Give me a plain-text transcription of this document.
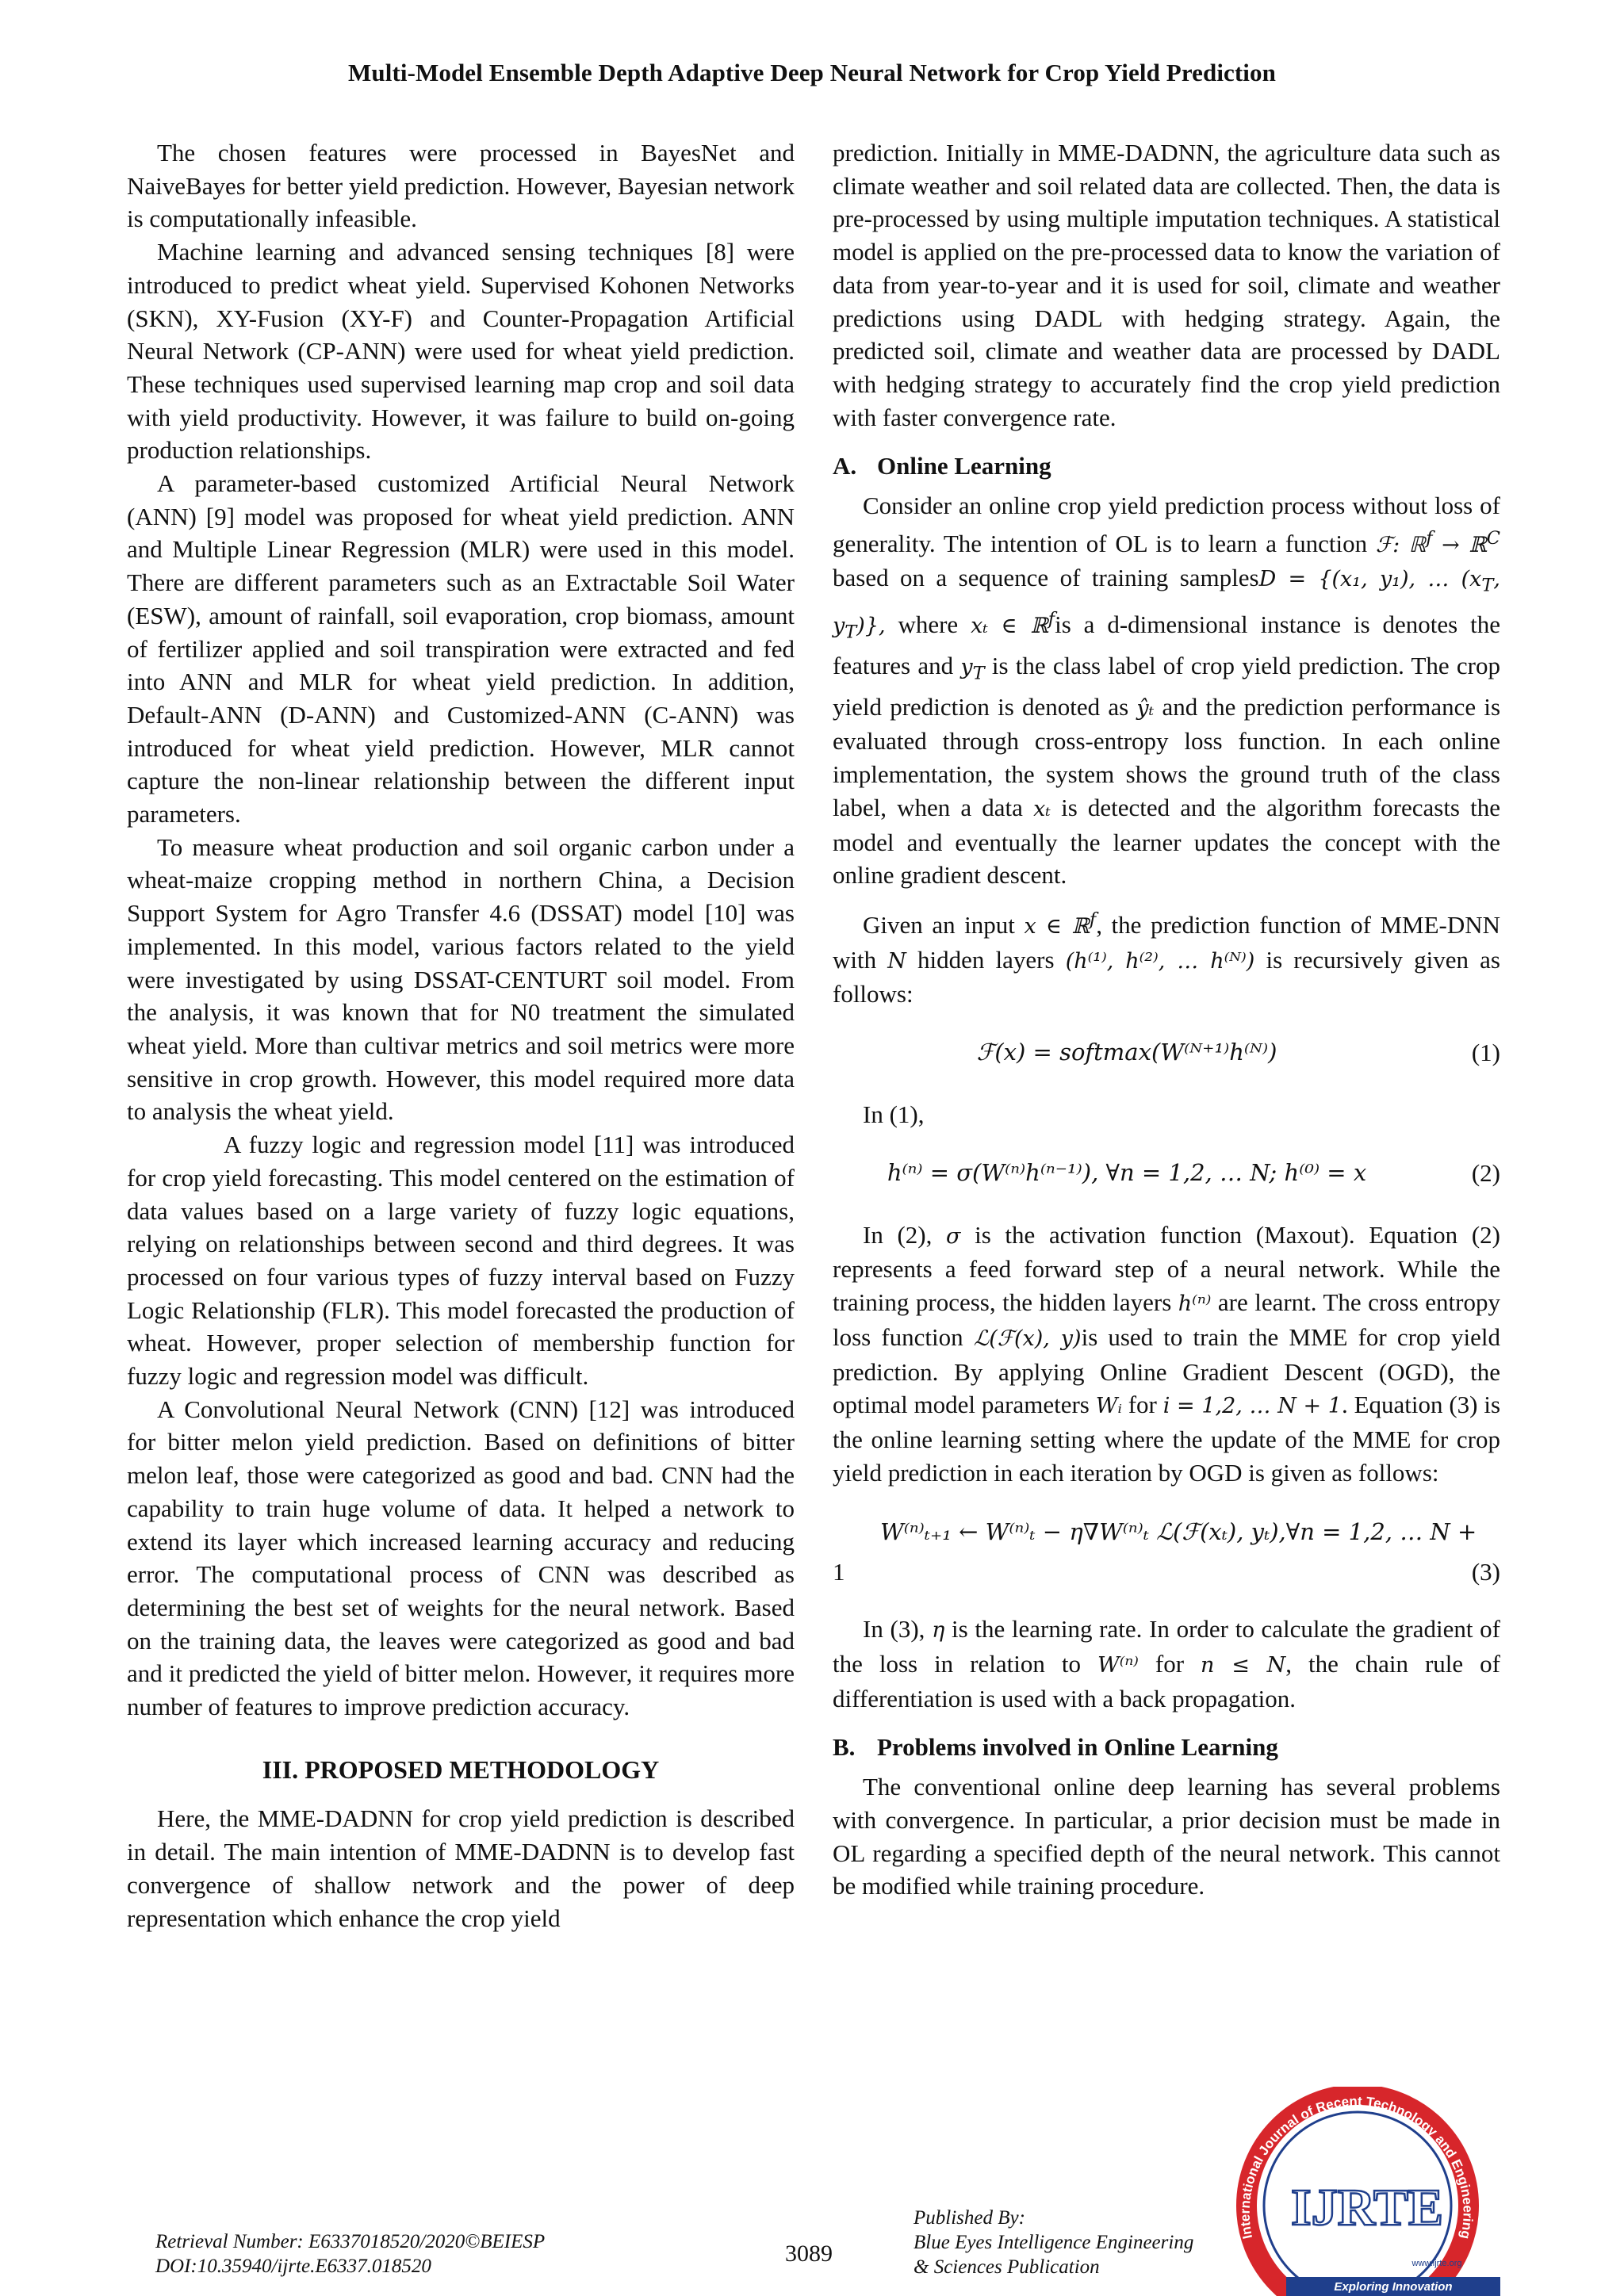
Multi-Model Ensemble Depth Adaptive Deep Neural Network for Crop Yield Prediction

The chosen features were processed in BayesNet and NaiveBayes for better yield prediction. However, Bayesian network is computationally infeasible.

Machine learning and advanced sensing techniques [8] were introduced to predict wheat yield. Supervised Kohonen Networks (SKN), XY-Fusion (XY-F) and Counter-Propagation Artificial Neural Network (CP-ANN) were used for wheat yield prediction. These techniques used supervised learning map crop and soil data with yield productivity. However, it was failure to build on-going production relationships.

A parameter-based customized Artificial Neural Network (ANN) [9] model was proposed for wheat yield prediction. ANN and Multiple Linear Regression (MLR) were used in this model. There are different parameters such as an Extractable Soil Water (ESW), amount of rainfall, soil evaporation, crop biomass, amount of fertilizer applied and soil transpiration were extracted and fed into ANN and MLR for wheat yield prediction. In addition, Default-ANN (D-ANN) and Customized-ANN (C-ANN) was introduced for wheat yield prediction. However, MLR cannot capture the non-linear relationship between the different input parameters.

To measure wheat production and soil organic carbon under a wheat-maize cropping method in northern China, a Decision Support System for Agro Transfer 4.6 (DSSAT) model [10] was implemented. In this model, various factors related to the yield were investigated by using DSSAT-CENTURT soil model. From the analysis, it was known that for N0 treatment the simulated wheat yield. More than cultivar metrics and soil metrics were more sensitive in crop growth. However, this model required more data to analysis the wheat yield.

A fuzzy logic and regression model [11] was introduced for crop yield forecasting. This model centered on the estimation of data values based on a large variety of fuzzy logic equations, relying on relationships between second and third degrees. It was processed on four various types of fuzzy interval based on Fuzzy Logic Relationship (FLR). This model forecasted the production of wheat. However, proper selection of membership function for fuzzy logic and regression model was difficult.

A Convolutional Neural Network (CNN) [12] was introduced for bitter melon yield prediction. Based on definitions of bitter melon leaf, those were categorized as good and bad. CNN had the capability to train huge volume of data. It helped a network to extend its layer which increased learning accuracy and reducing error. The computational process of CNN was described as determining the best set of weights for the neural network. Based on the training data, the leaves were categorized as good and bad and it predicted the yield of bitter melon. However, it requires more number of features to improve prediction accuracy.

III. PROPOSED METHODOLOGY

Here, the MME-DADNN for crop yield prediction is described in detail. The main intention of MME-DADNN is to develop fast convergence of shallow network and the power of deep representation which enhance the crop yield

prediction. Initially in MME-DADNN, the agriculture data such as climate weather and soil related data are collected. Then, the data is pre-processed by using multiple imputation techniques. A statistical model is applied on the pre-processed data to know the variation of data from year-to-year and it is used for soil, climate and weather predictions using DADL with hedging strategy. Again, the predicted soil, climate and weather data are processed by DADL with hedging strategy to accurately find the crop yield prediction with faster convergence rate.

A. Online Learning

Consider an online crop yield prediction process without loss of generality. The intention of OL is to learn a function ℱ: ℝ$^f$ → ℝ$^C$ based on a sequence of training samplesD = {(x₁, y₁), … ($x_T$, $y_T$)}, where xₜ ∈ ℝ$^f$is a d-dimensional instance is denotes the features and $y_T$ is the class label of crop yield prediction. The crop yield prediction is denoted as ŷₜ and the prediction performance is evaluated through cross-entropy loss function. In each online implementation, the system shows the ground truth of the class label, when a data xₜ is detected and the algorithm forecasts the model and eventually the learner updates the concept with the online gradient descent.

Given an input x ∈ ℝ$^f$, the prediction function of MME-DNN with N hidden layers (h⁽¹⁾, h⁽²⁾, … h⁽ᴺ⁾) is recursively given as follows:

ℱ(x) = softmax(W⁽ᴺ⁺¹⁾h⁽ᴺ⁾)	(1)

In (1),

h⁽ⁿ⁾ = σ(W⁽ⁿ⁾h⁽ⁿ⁻¹⁾), ∀n = 1,2, … N; h⁽⁰⁾ = x	(2)

In (2), σ is the activation function (Maxout). Equation (2) represents a feed forward step of a neural network. While the training process, the hidden layers h⁽ⁿ⁾ are learnt. The cross entropy loss function ℒ(ℱ(x), y)is used to train the MME for crop yield prediction. By applying Online Gradient Descent (OGD), the optimal model parameters Wᵢ for i = 1,2, … N + 1. Equation (3) is the online learning setting where the update of the MME for crop yield prediction in each iteration by OGD is given as follows:

W⁽ⁿ⁾ₜ₊₁ ← W⁽ⁿ⁾ₜ − η∇W⁽ⁿ⁾ₜ ℒ(ℱ(xₜ), yₜ),∀n = 1,2, … N +
1	(3)

In (3), η is the learning rate. In order to calculate the gradient of the loss in relation to W⁽ⁿ⁾ for n ≤ N, the chain rule of differentiation is used with a back propagation.

B. Problems involved in Online Learning

The conventional online deep learning has several problems with convergence. In particular, a prior decision must be made in OL regarding a specified depth of the neural network. This cannot be modified while training procedure.

Retrieval Number: E6337018520/2020©BEIESP
DOI:10.35940/ijrte.E6337.018520	3089
Published By:
Blue Eyes Intelligence Engineering
& Sciences Publication
International Journal of Recent Technology and Engineering
IJRTE
www.ijrte.org
Exploring Innovation
